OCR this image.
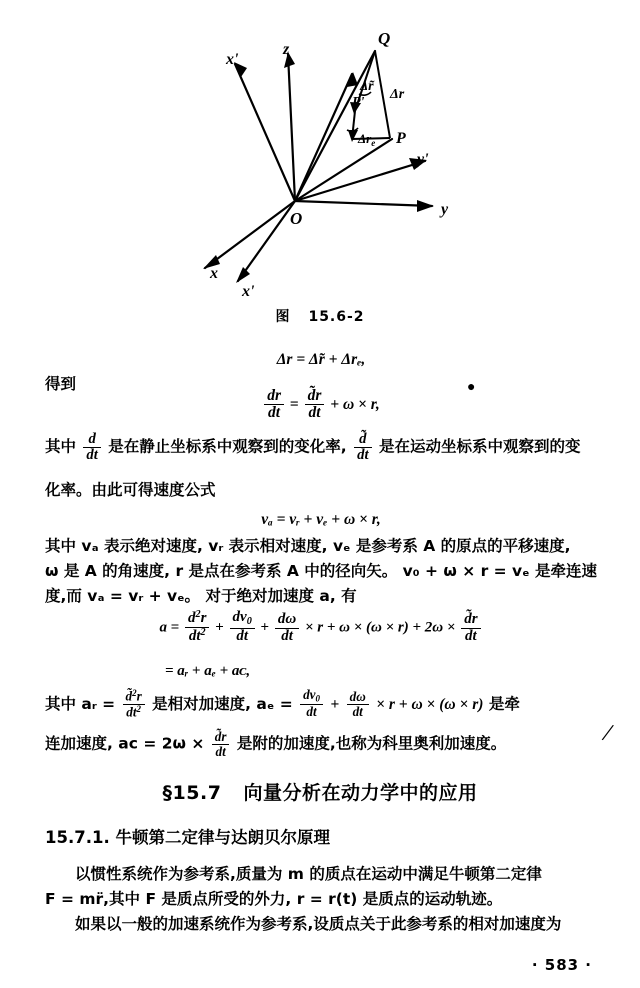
Q
x'
z
y'
y
O
x
x'
P
P'
Δr̃
Δr
$\Delta r_e$
图 15.6-2
Δr = Δ̃r + Δrₑ,
得到	●
$\frac{dr}{dt} = \frac{d̃r}{dt} + \omega \times r$,
其中 $\frac{d}{dt}$ 是在静止坐标系中观察到的变化率, $\frac{d̃}{dt}$ 是在运动坐标系中观察到的变
化率。由此可得速度公式
vₐ = vᵣ + vₑ + ω × r,
其中 vₐ 表示绝对速度, vᵣ 表示相对速度, vₑ 是参考系 A 的原点的平移速度,
ω 是 A 的角速度, r 是点在参考系 A 中的径向矢。 v₀ + ω × r = vₑ 是牵连速
度,而 vₐ = vᵣ + vₑ。 对于绝对加速度 a, 有
$a = \frac{d^2r}{dt^2} + \frac{dv_0}{dt} + \frac{d\omega}{dt} \times r + \omega \times (\omega \times r) + 2\omega \times \frac{d̃r}{dt}$
= aᵣ + aₑ + aᴄ,
其中 aᵣ = $\frac{d̃^2r}{dt^2}$ 是相对加速度, $a_e = \frac{dv_0}{dt} + \frac{d\omega}{dt} \times r + \omega \times (\omega \times r)$ 是牵
连加速度, aᴄ = $2\omega \times \frac{d̃r}{dt}$ 是附的加速度,也称为科里奥利加速度。	/
§15.7 向量分析在动力学中的应用
15.7.1. 牛顿第二定律与达朗贝尔原理
以惯性系统作为参考系,质量为 m 的质点在运动中满足牛顿第二定律
F = mr̈,其中 F 是质点所受的外力, r = r(t) 是质点的运动轨迹。
如果以一般的加速系统作为参考系,设质点关于此参考系的相对加速度为
· 583 ·
